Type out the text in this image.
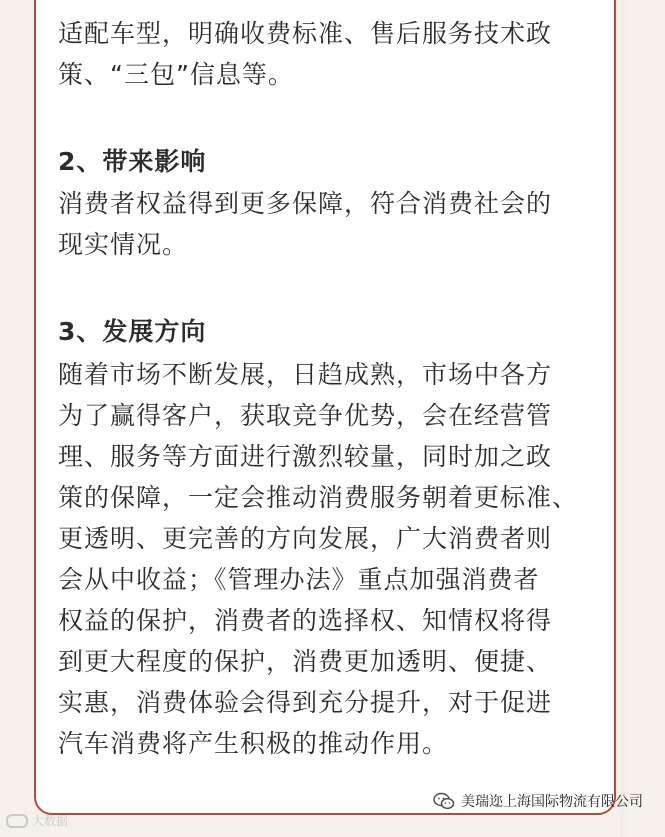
适配车型，明确收费标准、售后服务技术政
策、“三包”信息等。
2、带来影响
消费者权益得到更多保障，符合消费社会的
现实情况。
3、发展方向
随着市场不断发展，日趋成熟，市场中各方
为了赢得客户，获取竞争优势，会在经营管
理、服务等方面进行激烈较量，同时加之政
策的保障，一定会推动消费服务朝着更标准、
更透明、更完善的方向发展，广大消费者则
会从中收益；《管理办法》重点加强消费者
权益的保护，消费者的选择权、知情权将得
到更大程度的保护，消费更加透明、便捷、
实惠，消费体验会得到充分提升，对于促进
汽车消费将产生积极的推动作用。
美瑞迩上海国际物流有限公司
大数据
